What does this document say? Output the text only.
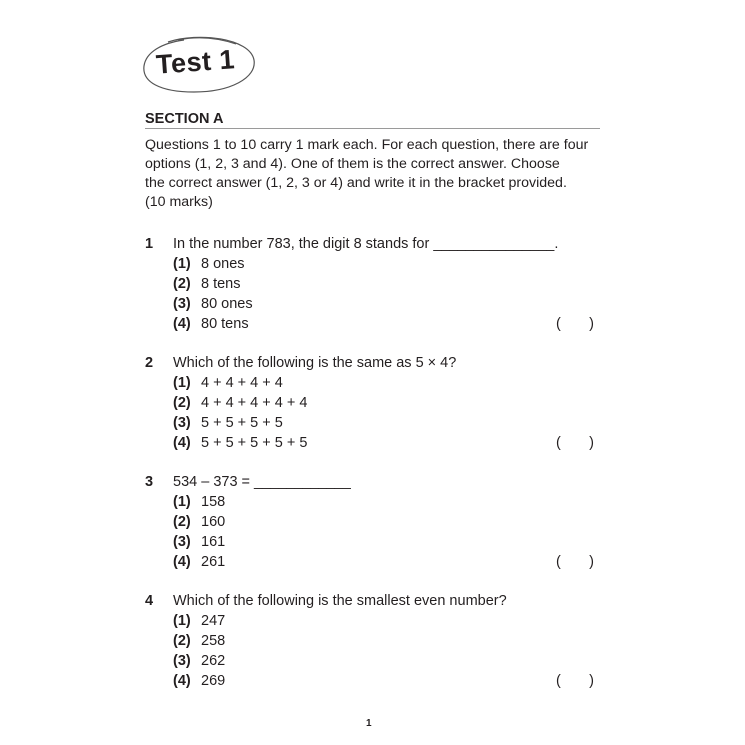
Test 1
SECTION A
Questions 1 to 10 carry 1 mark each. For each question, there are four
options (1, 2, 3 and 4). One of them is the correct answer. Choose
the correct answer (1, 2, 3 or 4) and write it in the bracket provided.
(10 marks)
1 In the number 783, the digit 8 stands for _______________.
(1) 8 ones
(2) 8 tens
(3) 80 ones
(4) 80 tens	( )
2 Which of the following is the same as 5 × 4?
(1) 4 + 4 + 4 + 4
(2) 4 + 4 + 4 + 4 + 4
(3) 5 + 5 + 5 + 5
(4) 5 + 5 + 5 + 5 + 5	( )
3 534 – 373 = ____________
(1) 158
(2) 160
(3) 161
(4) 261	( )
4 Which of the following is the smallest even number?
(1) 247
(2) 258
(3) 262
(4) 269	( )
1
